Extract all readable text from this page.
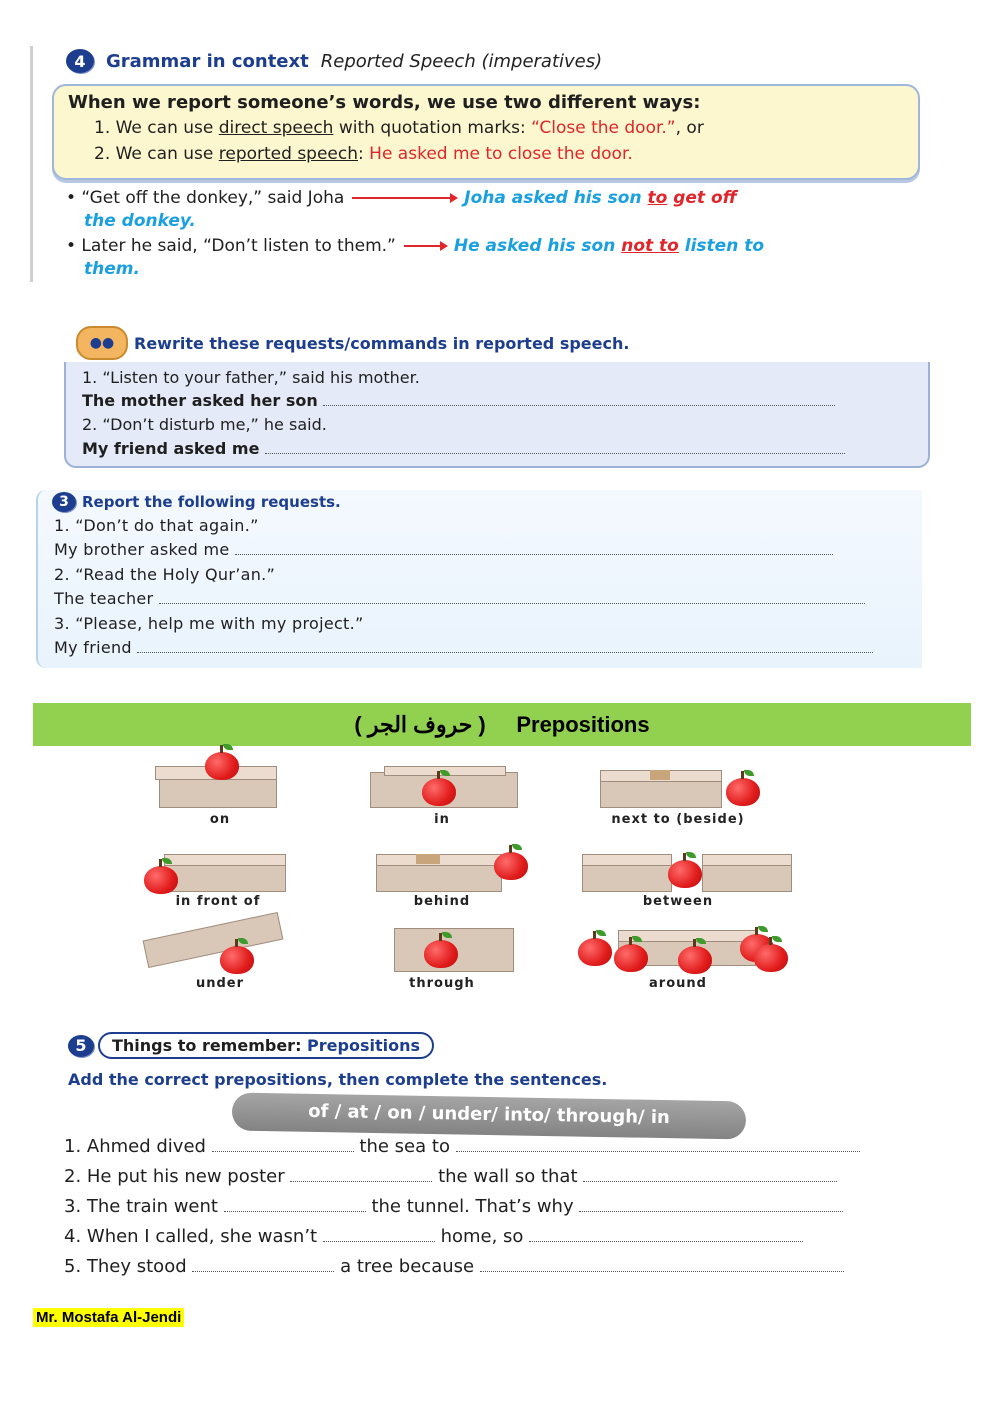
4	Grammar in context Reported Speech (imperatives)
When we report someone’s words, we use two different ways:
1. We can use direct speech with quotation marks: “Close the door.”, or
2. We can use reported speech: He asked me to close the door.
• “Get off the donkey,” said Joha	Joha asked his son to get off
the donkey.
• Later he said, “Don’t listen to them.”	He asked his son not to listen to
them.
●●	Rewrite these requests/commands in reported speech.
1. “Listen to your father,” said his mother.
The mother asked her son
2. “Don’t disturb me,” he said.
My friend asked me
3 Report the following requests.
1. “Don’t do that again.”
My brother asked me
2. “Read the Holy Qur’an.”
The teacher
3. “Please, help me with my project.”
My friend
( حروف الجر ) Prepositions
on	in	next to (beside)
in front of	behind	between
under	through	around
5	Things to remember: Prepositions
Add the correct prepositions, then complete the sentences.
of / at / on / under/ into/ through/ in
1. Ahmed dived	the sea to
2. He put his new poster	the wall so that
3. The train went	the tunnel. That’s why
4. When I called, she wasn’t	home, so
5. They stood	a tree because
Mr. Mostafa Al-Jendi
